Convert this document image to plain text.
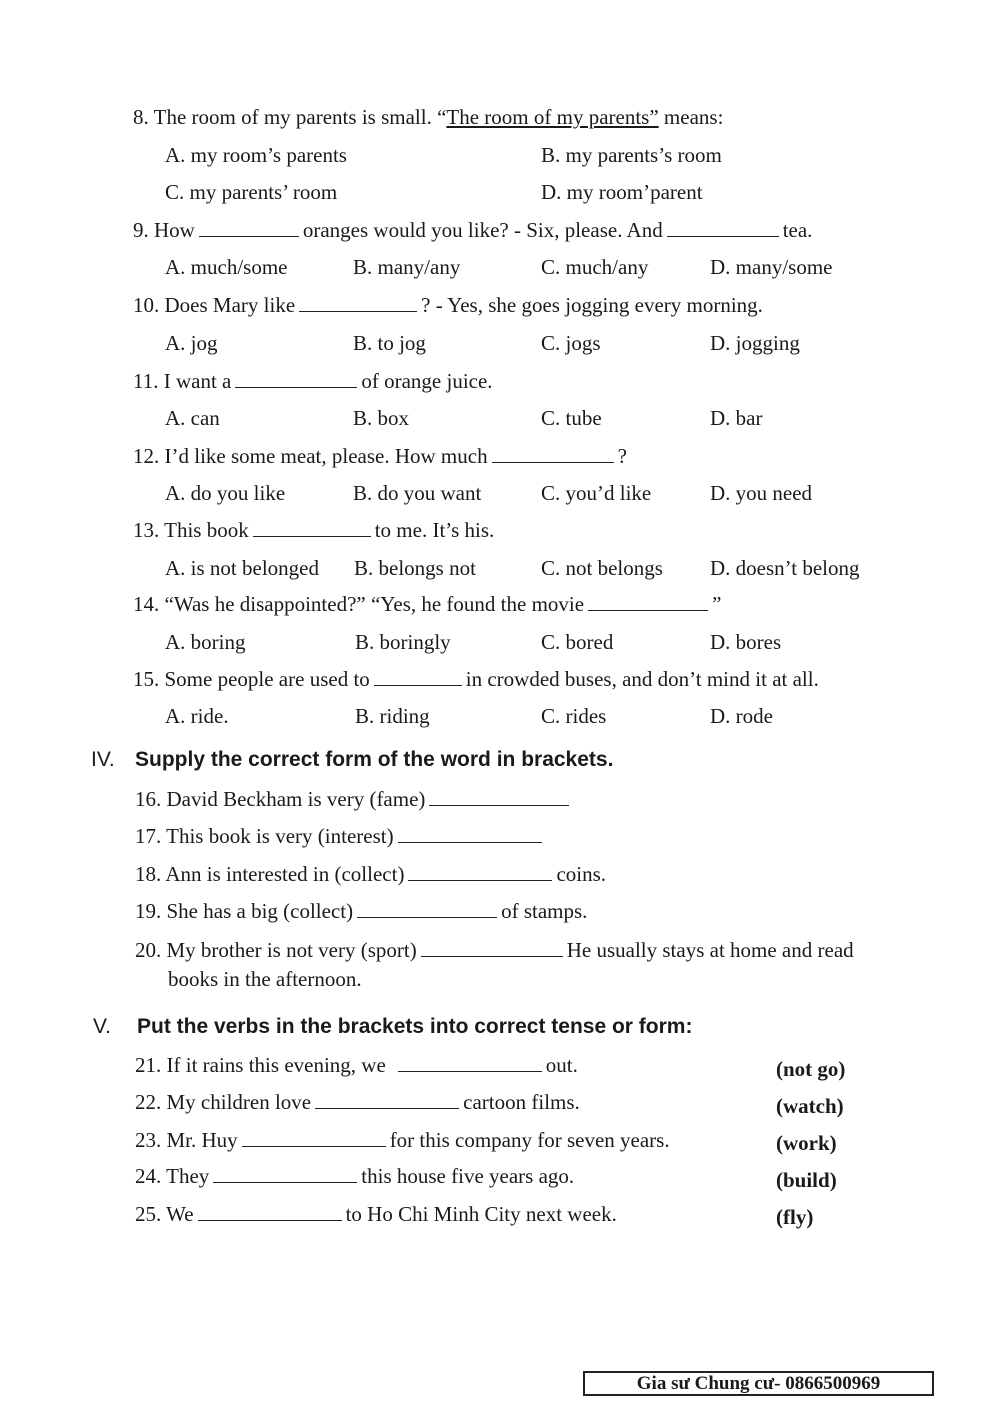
8. The room of my parents is small. “The room of my parents” means:
A. my room’s parents	B. my parents’s room
C. my parents’ room	D. my room’parent
9. How	oranges would you like? - Six, please. And	tea.
A. much/some	B. many/any	C. much/any	D. many/some
10. Does Mary like	? - Yes, she goes jogging every morning.
A. jog	B. to jog	C. jogs	D. jogging
11. I want a	of orange juice.
A. can	B. box	C. tube	D. bar
12. I’d like some meat, please. How much	?
A. do you like	B. do you want	C. you’d like	D. you need
13. This book	to me. It’s his.
A. is not belonged B. belongs not	C. not belongs D. doesn’t belong
14. “Was he disappointed?” “Yes, he found the movie	”
A. boring	B. boringly	C. bored	D. bores
15. Some people are used to	in crowded buses, and don’t mind it at all.
A. ride.	B. riding	C. rides	D. rode
IV. Supply the correct form of the word in brackets.
16. David Beckham is very (fame)
17. This book is very (interest)
18. Ann is interested in (collect)	coins.
19. She has a big (collect)	of stamps.
20. My brother is not very (sport)	He usually stays at home and read
books in the afternoon.
V. Put the verbs in the brackets into correct tense or form:
21. If it rains this evening, we	out.	(not go)
22. My children love	cartoon films.	(watch)
23. Mr. Huy	for this company for seven years.	(work)
24. They	this house five years ago.	(build)
25. We	to Ho Chi Minh City next week.	(fly)
Gia sư Chung cư- 0866500969
